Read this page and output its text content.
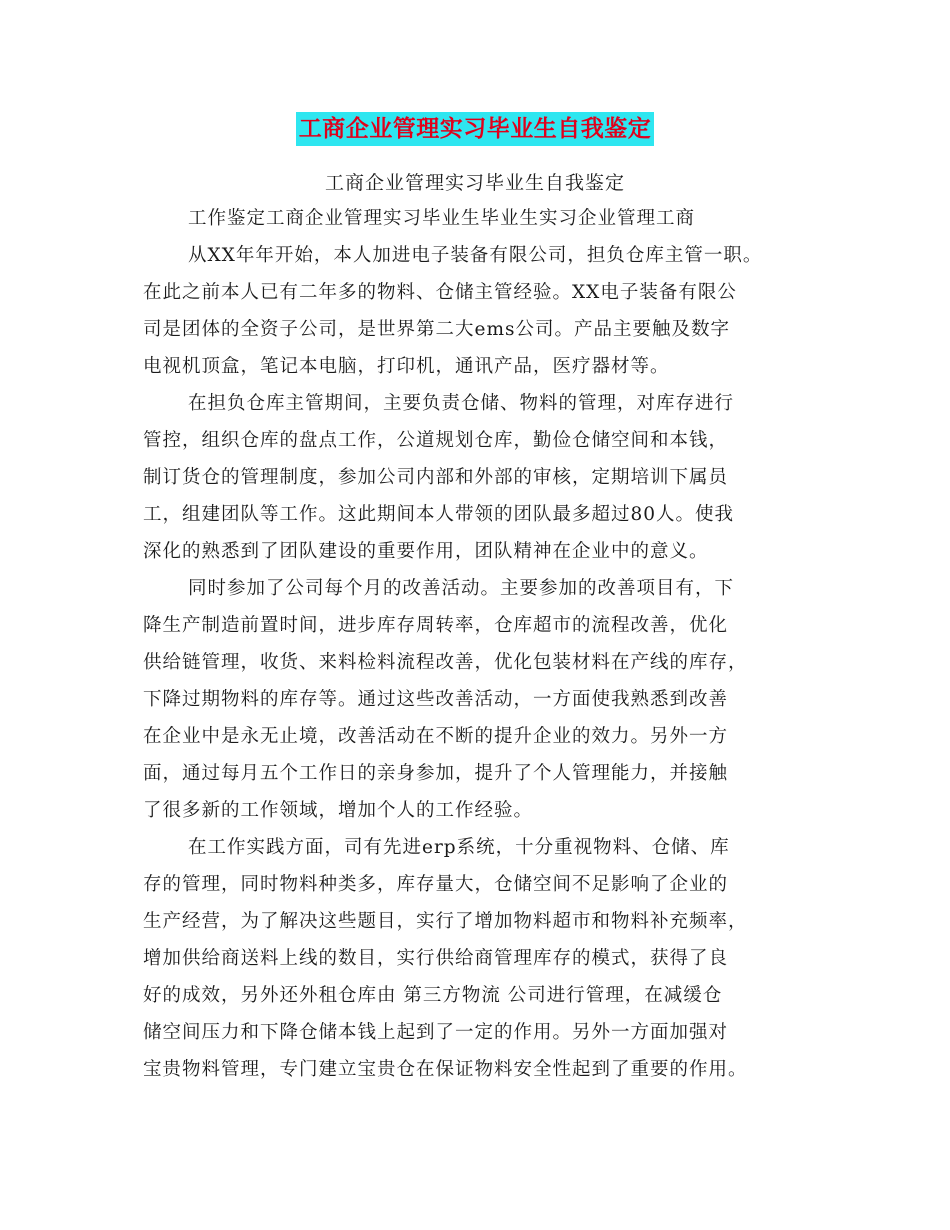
工商企业管理实习毕业生自我鉴定
工商企业管理实习毕业生自我鉴定
工作鉴定工商企业管理实习毕业生毕业生实习企业管理工商
从XX年年开始，本人加进电子装备有限公司，担负仓库主管一职。
在此之前本人已有二年多的物料、仓储主管经验。XX电子装备有限公
司是团体的全资子公司，是世界第二大ems公司。产品主要触及数字
电视机顶盒，笔记本电脑，打印机，通讯产品，医疗器材等。
在担负仓库主管期间，主要负责仓储、物料的管理，对库存进行
管控，组织仓库的盘点工作，公道规划仓库，勤俭仓储空间和本钱，
制订货仓的管理制度，参加公司内部和外部的审核，定期培训下属员
工，组建团队等工作。这此期间本人带领的团队最多超过80人。使我
深化的熟悉到了团队建设的重要作用，团队精神在企业中的意义。
同时参加了公司每个月的改善活动。主要参加的改善项目有，下
降生产制造前置时间，进步库存周转率，仓库超市的流程改善，优化
供给链管理，收货、来料检料流程改善，优化包装材料在产线的库存，
下降过期物料的库存等。通过这些改善活动，一方面使我熟悉到改善
在企业中是永无止境，改善活动在不断的提升企业的效力。另外一方
面，通过每月五个工作日的亲身参加，提升了个人管理能力，并接触
了很多新的工作领域，增加个人的工作经验。
在工作实践方面，司有先进erp系统，十分重视物料、仓储、库
存的管理，同时物料种类多，库存量大，仓储空间不足影响了企业的
生产经营，为了解决这些题目，实行了增加物料超市和物料补充频率，
增加供给商送料上线的数目，实行供给商管理库存的模式，获得了良
好的成效，另外还外租仓库由 第三方物流 公司进行管理，在减缓仓
储空间压力和下降仓储本钱上起到了一定的作用。另外一方面加强对
宝贵物料管理，专门建立宝贵仓在保证物料安全性起到了重要的作用。
